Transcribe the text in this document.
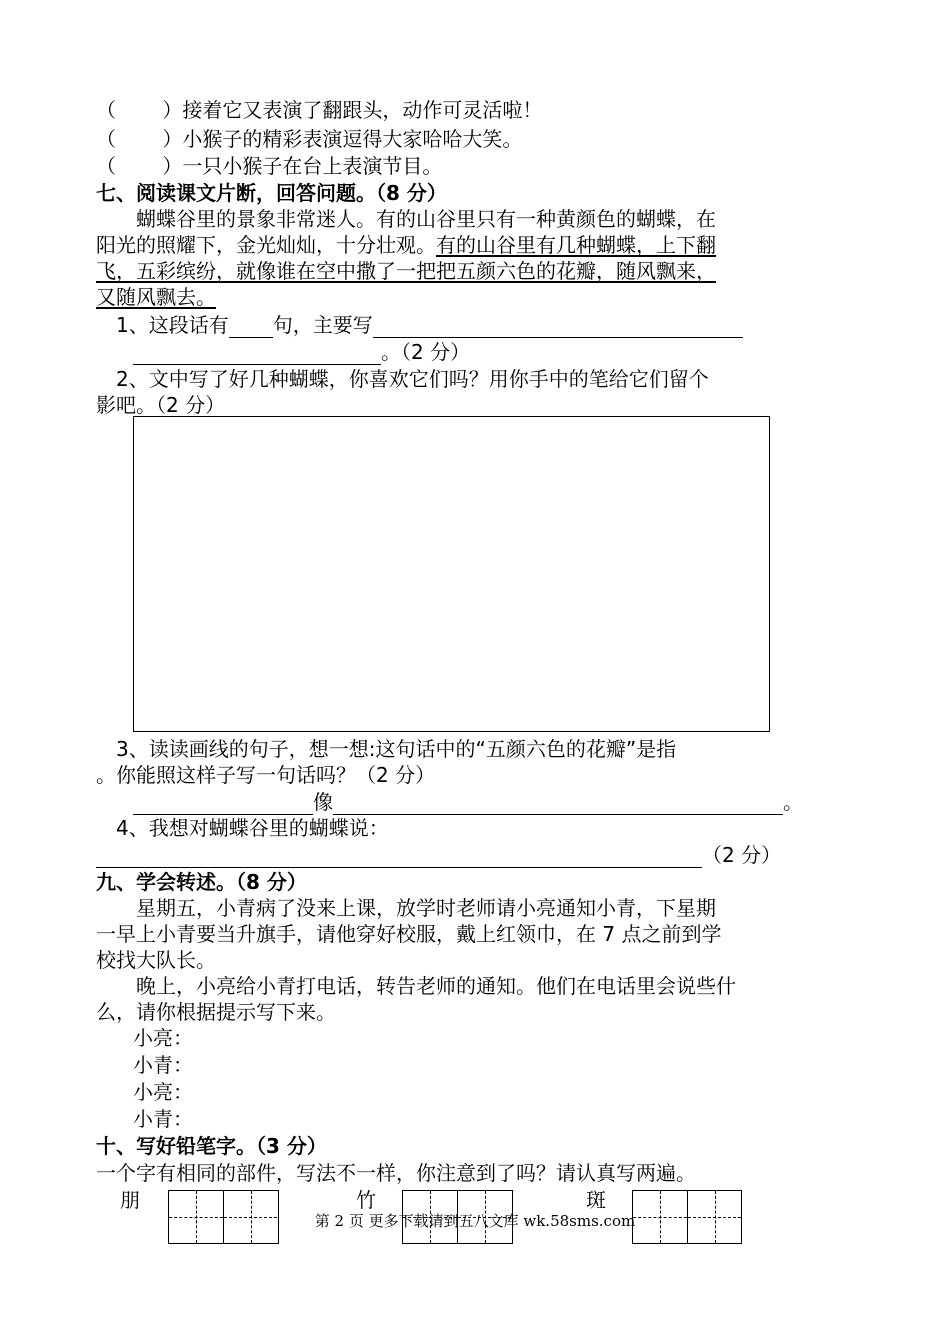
（　　 ）接着它又表演了翻跟头，动作可灵活啦！
（　　 ）小猴子的精彩表演逗得大家哈哈大笑。
（　　 ）一只小猴子在台上表演节目。
七、阅读课文片断，回答问题。（8 分）
　　蝴蝶谷里的景象非常迷人。有的山谷里只有一种黄颜色的蝴蝶，在
阳光的照耀下，金光灿灿，十分壮观。有的山谷里有几种蝴蝶，上下翻
飞，五彩缤纷，就像谁在空中撒了一把把五颜六色的花瓣，随风飘来，
又随风飘去。
　1、这段话有 句，主要写
。（2 分）
　2、文中写了好几种蝴蝶，你喜欢它们吗？用你手中的笔给它们留个
影吧。（2 分）
　3、读读画线的句子，想一想:这句话中的“五颜六色的花瓣”是指
。你能照这样子写一句话吗？（2 分）
像	。
　4、我想对蝴蝶谷里的蝴蝶说：
（2 分）
九、学会转述。（8 分）
　　星期五，小青病了没来上课，放学时老师请小亮通知小青，下星期
一早上小青要当升旗手，请他穿好校服，戴上红领巾，在 7 点之前到学
校找大队长。
　　晚上，小亮给小青打电话，转告老师的通知。他们在电话里会说些什
么，请你根据提示写下来。
小亮：
小青：
小亮：
小青：
十、写好铅笔字。（3 分）
一个字有相同的部件，写法不一样，你注意到了吗？请认真写两遍。
朋	竹	斑
第 2 页 更多下载请到五八文库 wk.58sms.com
